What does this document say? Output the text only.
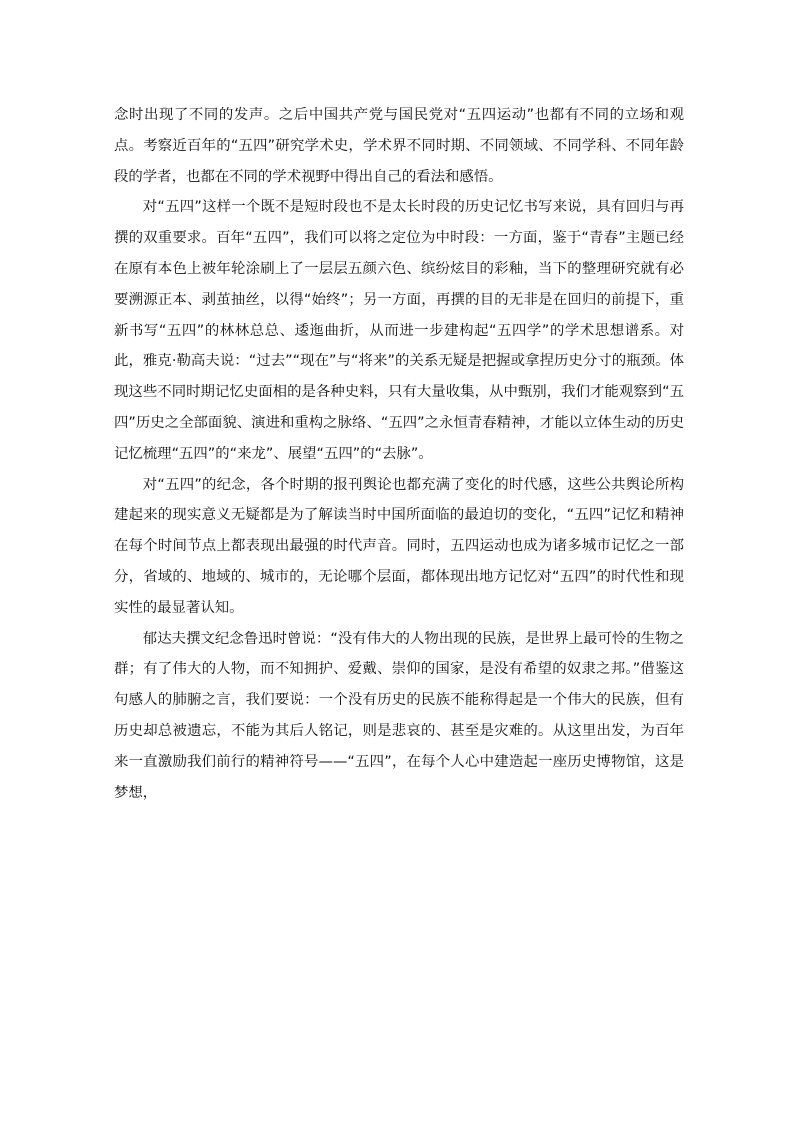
念时出现了不同的发声。之后中国共产党与国民党对“五四运动”也都有不同的立场和观点。考察近百年的“五四”研究学术史，学术界不同时期、不同领域、不同学科、不同年龄段的学者，也都在不同的学术视野中得出自己的看法和感悟。

对“五四”这样一个既不是短时段也不是太长时段的历史记忆书写来说，具有回归与再撰的双重要求。百年“五四”，我们可以将之定位为中时段：一方面，鉴于“青春”主题已经在原有本色上被年轮涂刷上了一层层五颜六色、缤纷炫目的彩釉，当下的整理研究就有必要溯源正本、剥茧抽丝，以得“始终”；另一方面，再撰的目的无非是在回归的前提下，重新书写“五四”的林林总总、逶迤曲折，从而进一步建构起“五四学”的学术思想谱系。对此，雅克·勒高夫说：“过去”“现在”与“将来”的关系无疑是把握或拿捏历史分寸的瓶颈。体现这些不同时期记忆史面相的是各种史料，只有大量收集，从中甄别，我们才能观察到“五四”历史之全部面貌、演进和重构之脉络、“五四”之永恒青春精神，才能以立体生动的历史记忆梳理“五四”的“来龙”、展望“五四”的“去脉”。

对“五四”的纪念，各个时期的报刊舆论也都充满了变化的时代感，这些公共舆论所构建起来的现实意义无疑都是为了解读当时中国所面临的最迫切的变化，“五四”记忆和精神在每个时间节点上都表现出最强的时代声音。同时，五四运动也成为诸多城市记忆之一部分，省域的、地域的、城市的，无论哪个层面，都体现出地方记忆对“五四”的时代性和现实性的最显著认知。

郁达夫撰文纪念鲁迅时曾说：“没有伟大的人物出现的民族，是世界上最可怜的生物之群；有了伟大的人物，而不知拥护、爱戴、崇仰的国家，是没有希望的奴隶之邦。”借鉴这句感人的肺腑之言，我们要说：一个没有历史的民族不能称得起是一个伟大的民族，但有历史却总被遗忘，不能为其后人铭记，则是悲哀的、甚至是灾难的。从这里出发，为百年来一直激励我们前行的精神符号——“五四”，在每个人心中建造起一座历史博物馆，这是梦想，
